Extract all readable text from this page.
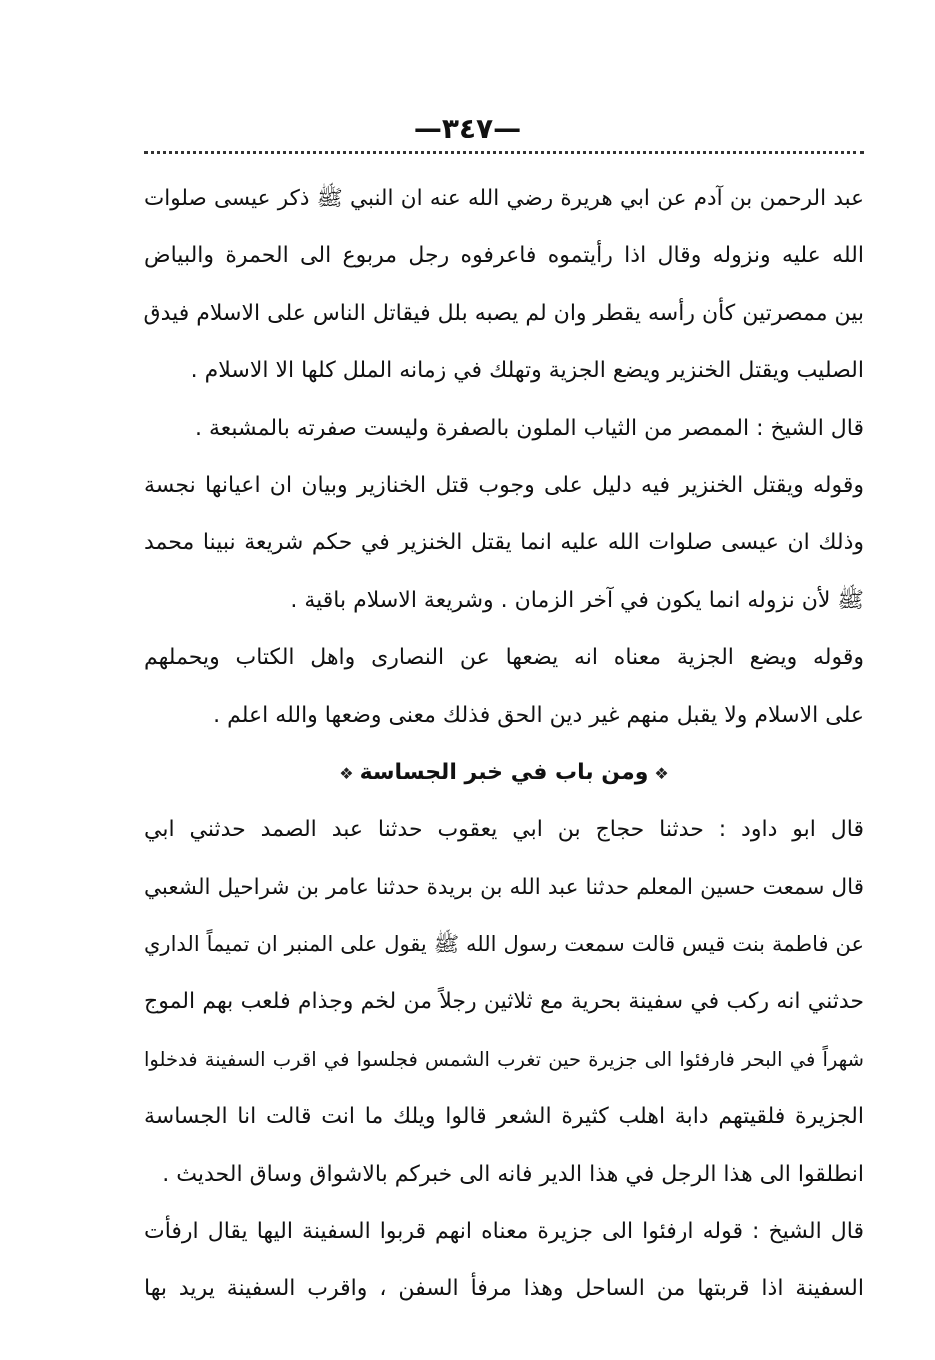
—٣٤٧—
عبد الرحمن بن آدم عن ابي هريرة رضي الله عنه ان النبي ﷺ ذكر عيسى صلوات
الله عليه ونزوله وقال اذا رأيتموه فاعرفوه رجل مربوع الى الحمرة والبياض
بين ممصرتين كأن رأسه يقطر وان لم يصبه بلل فيقاتل الناس على الاسلام فيدق
الصليب ويقتل الخنزير ويضع الجزية وتهلك في زمانه الملل كلها الا الاسلام .
قال الشيخ : الممصر من الثياب الملون بالصفرة وليست صفرته بالمشبعة .
وقوله ويقتل الخنزير فيه دليل على وجوب قتل الخنازير وبيان ان اعيانها نجسة
وذلك ان عيسى صلوات الله عليه انما يقتل الخنزير في حكم شريعة نبينا محمد
ﷺ لأن نزوله انما يكون في آخر الزمان . وشريعة الاسلام باقية .
وقوله ويضع الجزية معناه انه يضعها عن النصارى واهل الكتاب ويحملهم
على الاسلام ولا يقبل منهم غير دين الحق فذلك معنى وضعها والله اعلم .
❖ومن باب في خبر الجساسة❖
قال ابو داود : حدثنا حجاج بن ابي يعقوب حدثنا عبد الصمد حدثني ابي
قال سمعت حسين المعلم حدثنا عبد الله بن بريدة حدثنا عامر بن شراحيل الشعبي
عن فاطمة بنت قيس قالت سمعت رسول الله ﷺ يقول على المنبر ان تميماً الداري
حدثني انه ركب في سفينة بحرية مع ثلاثين رجلاً من لخم وجذام فلعب بهم الموج
شهراً في البحر فارفئوا الى جزيرة حين تغرب الشمس فجلسوا في اقرب السفينة فدخلوا
الجزيرة فلقيتهم دابة اهلب كثيرة الشعر قالوا ويلك ما انت قالت انا الجساسة
انطلقوا الى هذا الرجل في هذا الدير فانه الى خبركم بالاشواق وساق الحديث .
قال الشيخ : قوله ارفئوا الى جزيرة معناه انهم قربوا السفينة اليها يقال ارفأت
السفينة اذا قربتها من الساحل وهذا مرفأ السفن ، واقرب السفينة يريد بها
